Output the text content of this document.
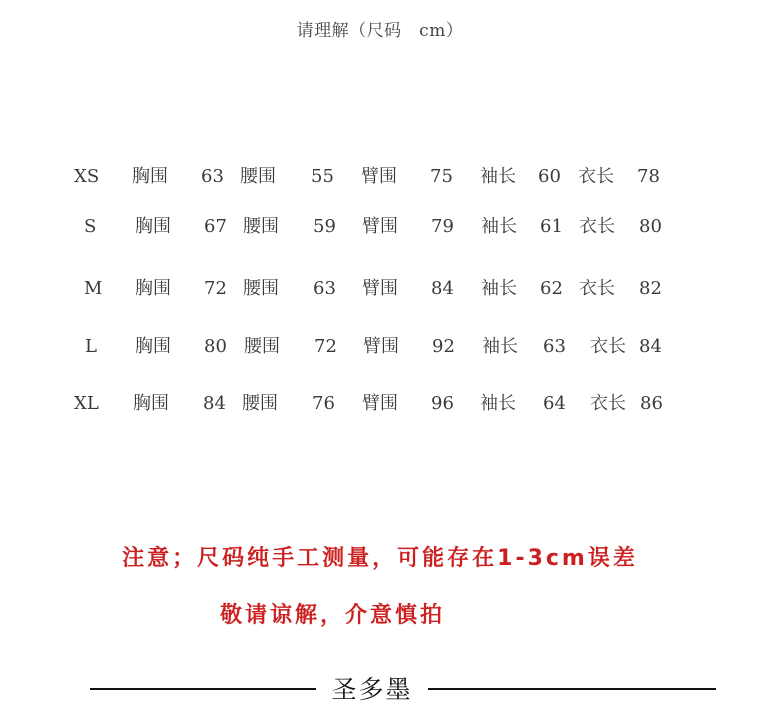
请理解（尺码　cm）
XS 胸围 63 腰围 55 臂围 75 袖长 60 衣长 78
S 胸围 67 腰围 59 臂围 79 袖长 61 衣长 80
M 胸围 72 腰围 63 臂围 84 袖长 62 衣长 82
L 胸围 80 腰围 72 臂围 92 袖长 63 衣长 84
XL 胸围 84 腰围 76 臂围 96 袖长 64 衣长 86
注意；尺码纯手工测量，可能存在1-3cm误差
敬请谅解，介意慎拍
圣多墨
